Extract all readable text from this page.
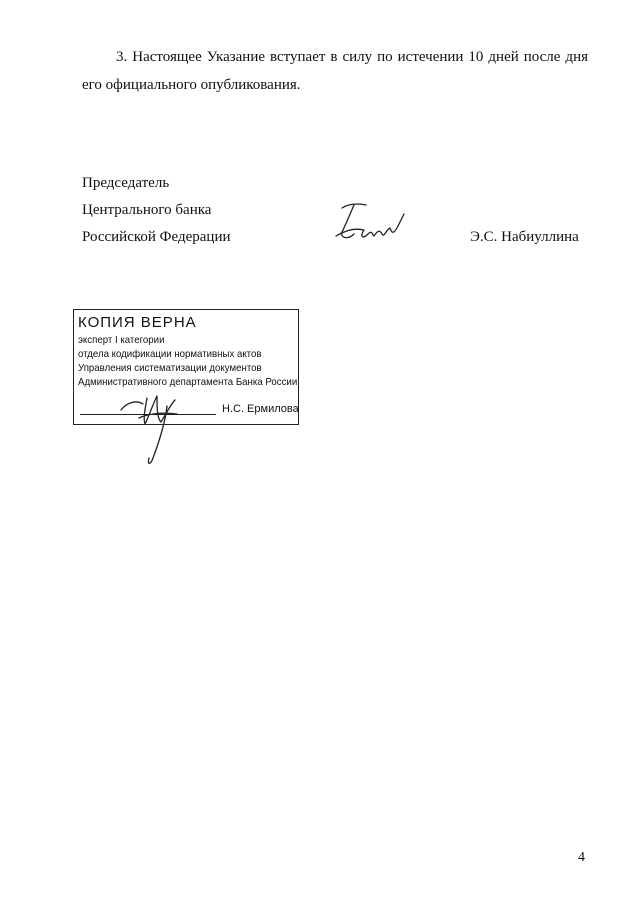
3. Настоящее Указание вступает в силу по истечении 10 дней после дня его официального опубликования.

Председатель
Центрального банка
Российской Федерации	Э.С. Набиуллина
КОПИЯ ВЕРНА
эксперт I категории
отдела кодификации нормативных актов
Управления систематизации документов
Административного департамента Банка России
Н.С. Ермилова
4
